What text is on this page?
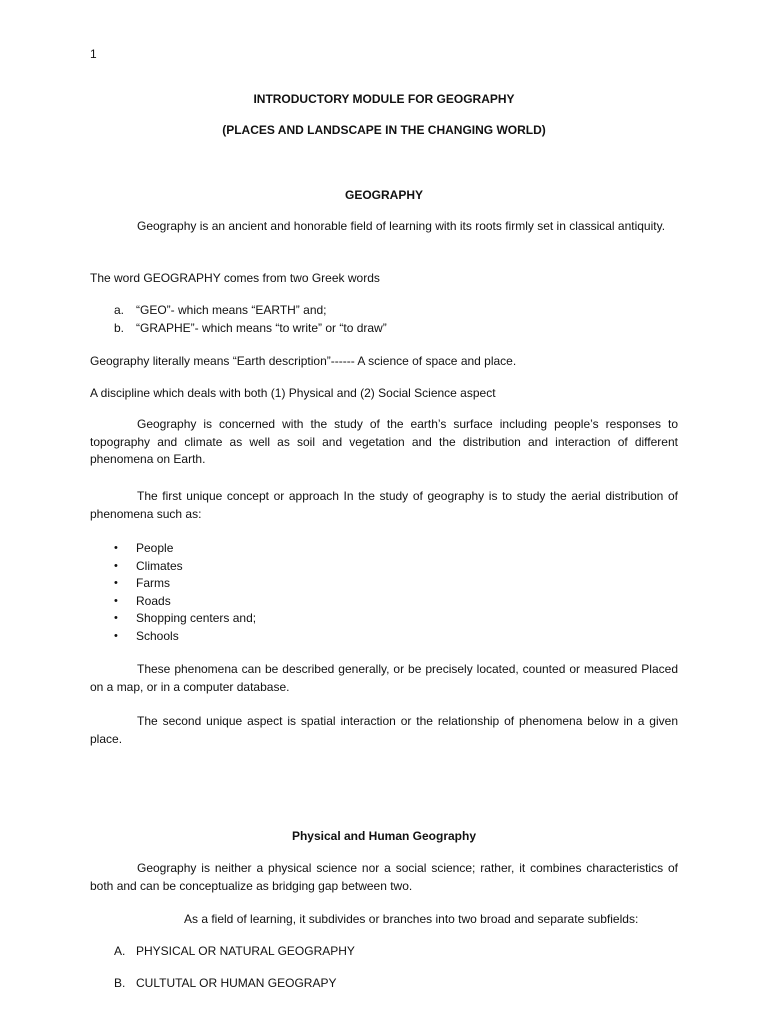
1
INTRODUCTORY MODULE FOR GEOGRAPHY
(PLACES AND LANDSCAPE IN THE CHANGING WORLD)
GEOGRAPHY

Geography is an ancient and honorable field of learning with its roots firmly set in classical antiquity.

The word GEOGRAPHY comes from two Greek words

a. “GEO”- which means “EARTH” and;
b. “GRAPHE”- which means “to write” or “to draw”

Geography literally means “Earth description”------ A science of space and place.

A discipline which deals with both (1) Physical and (2) Social Science aspect

Geography is concerned with the study of the earth’s surface including people’s responses to topography and climate as well as soil and vegetation and the distribution and interaction of different phenomena on Earth.

The first unique concept or approach In the study of geography is to study the aerial distribution of phenomena such as:

• People
• Climates
• Farms
• Roads
• Shopping centers and;
• Schools

These phenomena can be described generally, or be precisely located, counted or measured Placed on a map, or in a computer database.

The second unique aspect is spatial interaction or the relationship of phenomena below in a given place.

Physical and Human Geography

Geography is neither a physical science nor a social science; rather, it combines characteristics of both and can be conceptualize as bridging gap between two.

As a field of learning, it subdivides or branches into two broad and separate subfields:

A. PHYSICAL OR NATURAL GEOGRAPHY
B. CULTUTAL OR HUMAN GEOGRAPY
